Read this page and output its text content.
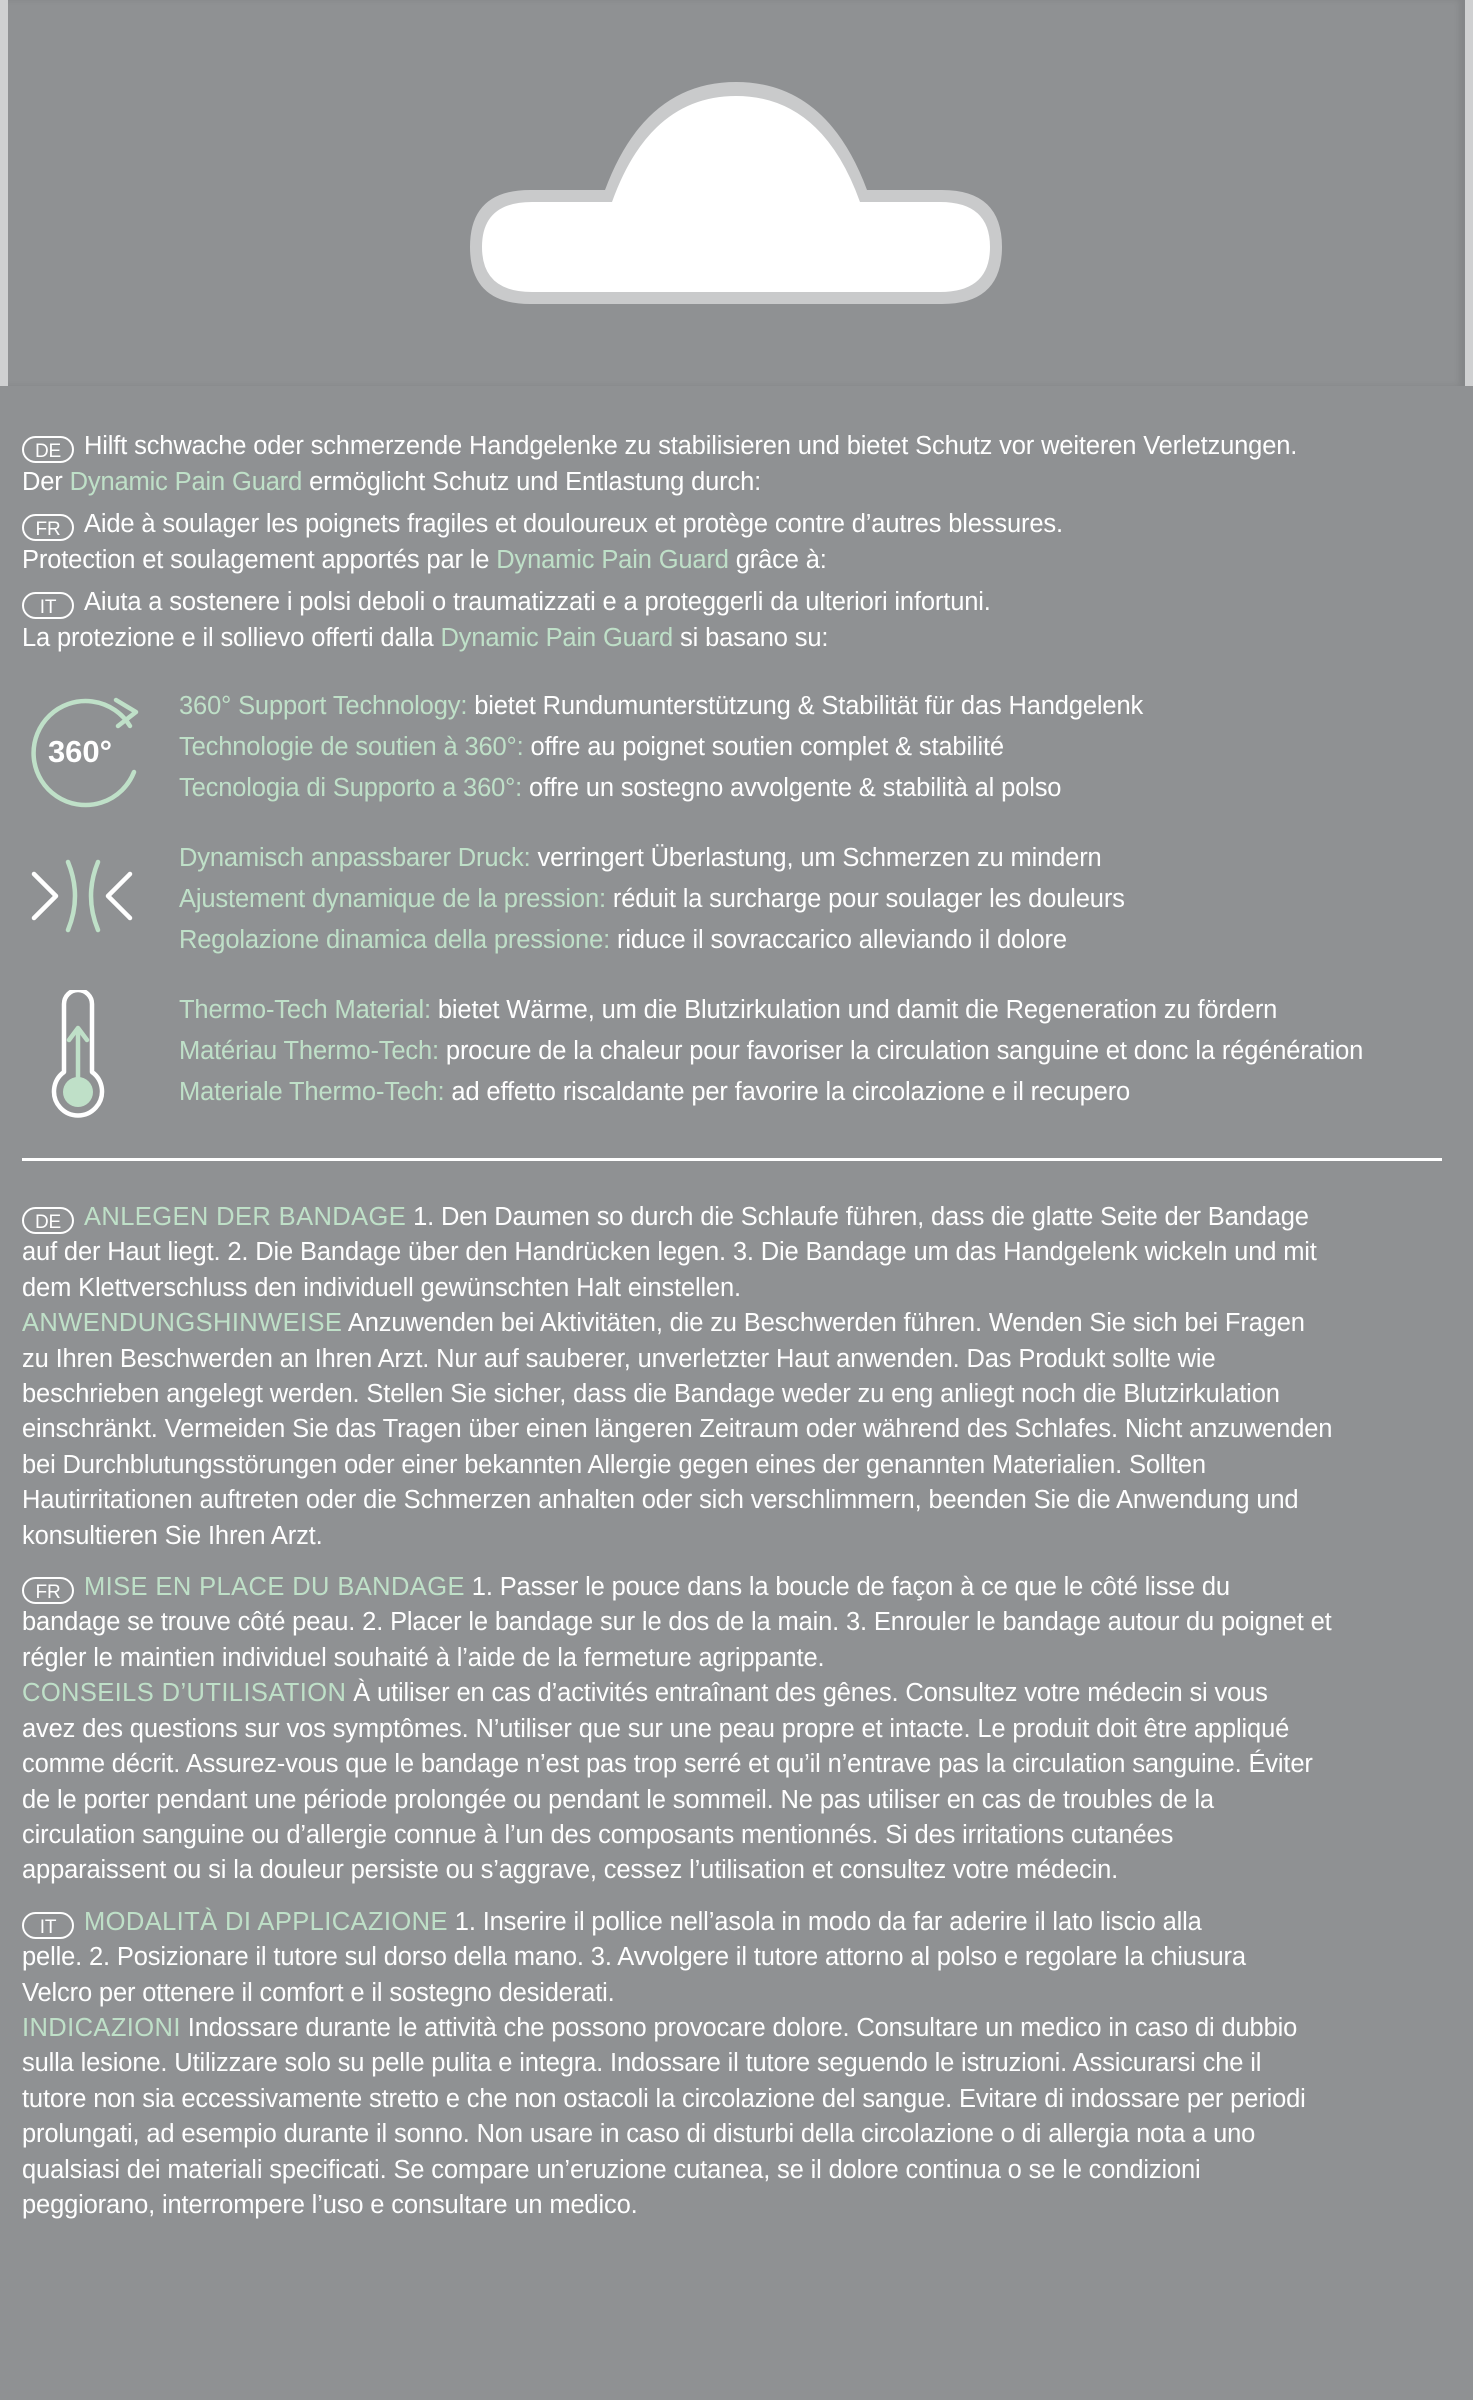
DE Hilft schwache oder schmerzende Handgelenke zu stabilisieren und bietet Schutz vor weiteren Verletzungen.
Der Dynamic Pain Guard ermöglicht Schutz und Entlastung durch:
FR Aide à soulager les poignets fragiles et douloureux et protège contre d’autres blessures.
Protection et soulagement apportés par le Dynamic Pain Guard grâce à:
IT Aiuta a sostenere i polsi deboli o traumatizzati e a proteggerli da ulteriori infortuni.
La protezione e il sollievo offerti dalla Dynamic Pain Guard si basano su:
360°
360° Support Technology: bietet Rundumunterstützung & Stabilität für das Handgelenk
Technologie de soutien à 360°: offre au poignet soutien complet & stabilité
Tecnologia di Supporto a 360°: offre un sostegno avvolgente & stabilità al polso
Dynamisch anpassbarer Druck: verringert Überlastung, um Schmerzen zu mindern
Ajustement dynamique de la pression: réduit la surcharge pour soulager les douleurs
Regolazione dinamica della pressione: riduce il sovraccarico alleviando il dolore
Thermo-Tech Material: bietet Wärme, um die Blutzirkulation und damit die Regeneration zu fördern
Matériau Thermo-Tech: procure de la chaleur pour favoriser la circulation sanguine et donc la régénération
Materiale Thermo-Tech: ad effetto riscaldante per favorire la circolazione e il recupero

DE ANLEGEN DER BANDAGE 1. Den Daumen so durch die Schlaufe führen, dass die glatte Seite der Bandage
auf der Haut liegt. 2. Die Bandage über den Handrücken legen. 3. Die Bandage um das Handgelenk wickeln und mit
dem Klettverschluss den individuell gewünschten Halt einstellen.
ANWENDUNGSHINWEISE Anzuwenden bei Aktivitäten, die zu Beschwerden führen. Wenden Sie sich bei Fragen
zu Ihren Beschwerden an Ihren Arzt. Nur auf sauberer, unverletzter Haut anwenden. Das Produkt sollte wie
beschrieben angelegt werden. Stellen Sie sicher, dass die Bandage weder zu eng anliegt noch die Blutzirkulation
einschränkt. Vermeiden Sie das Tragen über einen längeren Zeitraum oder während des Schlafes. Nicht anzuwenden
bei Durchblutungsstörungen oder einer bekannten Allergie gegen eines der genannten Materialien. Sollten
Hautirritationen auftreten oder die Schmerzen anhalten oder sich verschlimmern, beenden Sie die Anwendung und
konsultieren Sie Ihren Arzt.

FR MISE EN PLACE DU BANDAGE 1. Passer le pouce dans la boucle de façon à ce que le côté lisse du
bandage se trouve côté peau. 2. Placer le bandage sur le dos de la main. 3. Enrouler le bandage autour du poignet et
régler le maintien individuel souhaité à l’aide de la fermeture agrippante.
CONSEILS D’UTILISATION À utiliser en cas d’activités entraînant des gênes. Consultez votre médecin si vous
avez des questions sur vos symptômes. N’utiliser que sur une peau propre et intacte. Le produit doit être appliqué
comme décrit. Assurez-vous que le bandage n’est pas trop serré et qu’il n’entrave pas la circulation sanguine. Éviter
de le porter pendant une période prolongée ou pendant le sommeil. Ne pas utiliser en cas de troubles de la
circulation sanguine ou d’allergie connue à l’un des composants mentionnés. Si des irritations cutanées
apparaissent ou si la douleur persiste ou s’aggrave, cessez l’utilisation et consultez votre médecin.

IT MODALITÀ DI APPLICAZIONE 1. Inserire il pollice nell’asola in modo da far aderire il lato liscio alla
pelle. 2. Posizionare il tutore sul dorso della mano. 3. Avvolgere il tutore attorno al polso e regolare la chiusura
Velcro per ottenere il comfort e il sostegno desiderati.
INDICAZIONI Indossare durante le attività che possono provocare dolore. Consultare un medico in caso di dubbio
sulla lesione. Utilizzare solo su pelle pulita e integra. Indossare il tutore seguendo le istruzioni. Assicurarsi che il
tutore non sia eccessivamente stretto e che non ostacoli la circolazione del sangue. Evitare di indossare per periodi
prolungati, ad esempio durante il sonno. Non usare in caso di disturbi della circolazione o di allergia nota a uno
qualsiasi dei materiali specificati. Se compare un’eruzione cutanea, se il dolore continua o se le condizioni
peggiorano, interrompere l’uso e consultare un medico.
